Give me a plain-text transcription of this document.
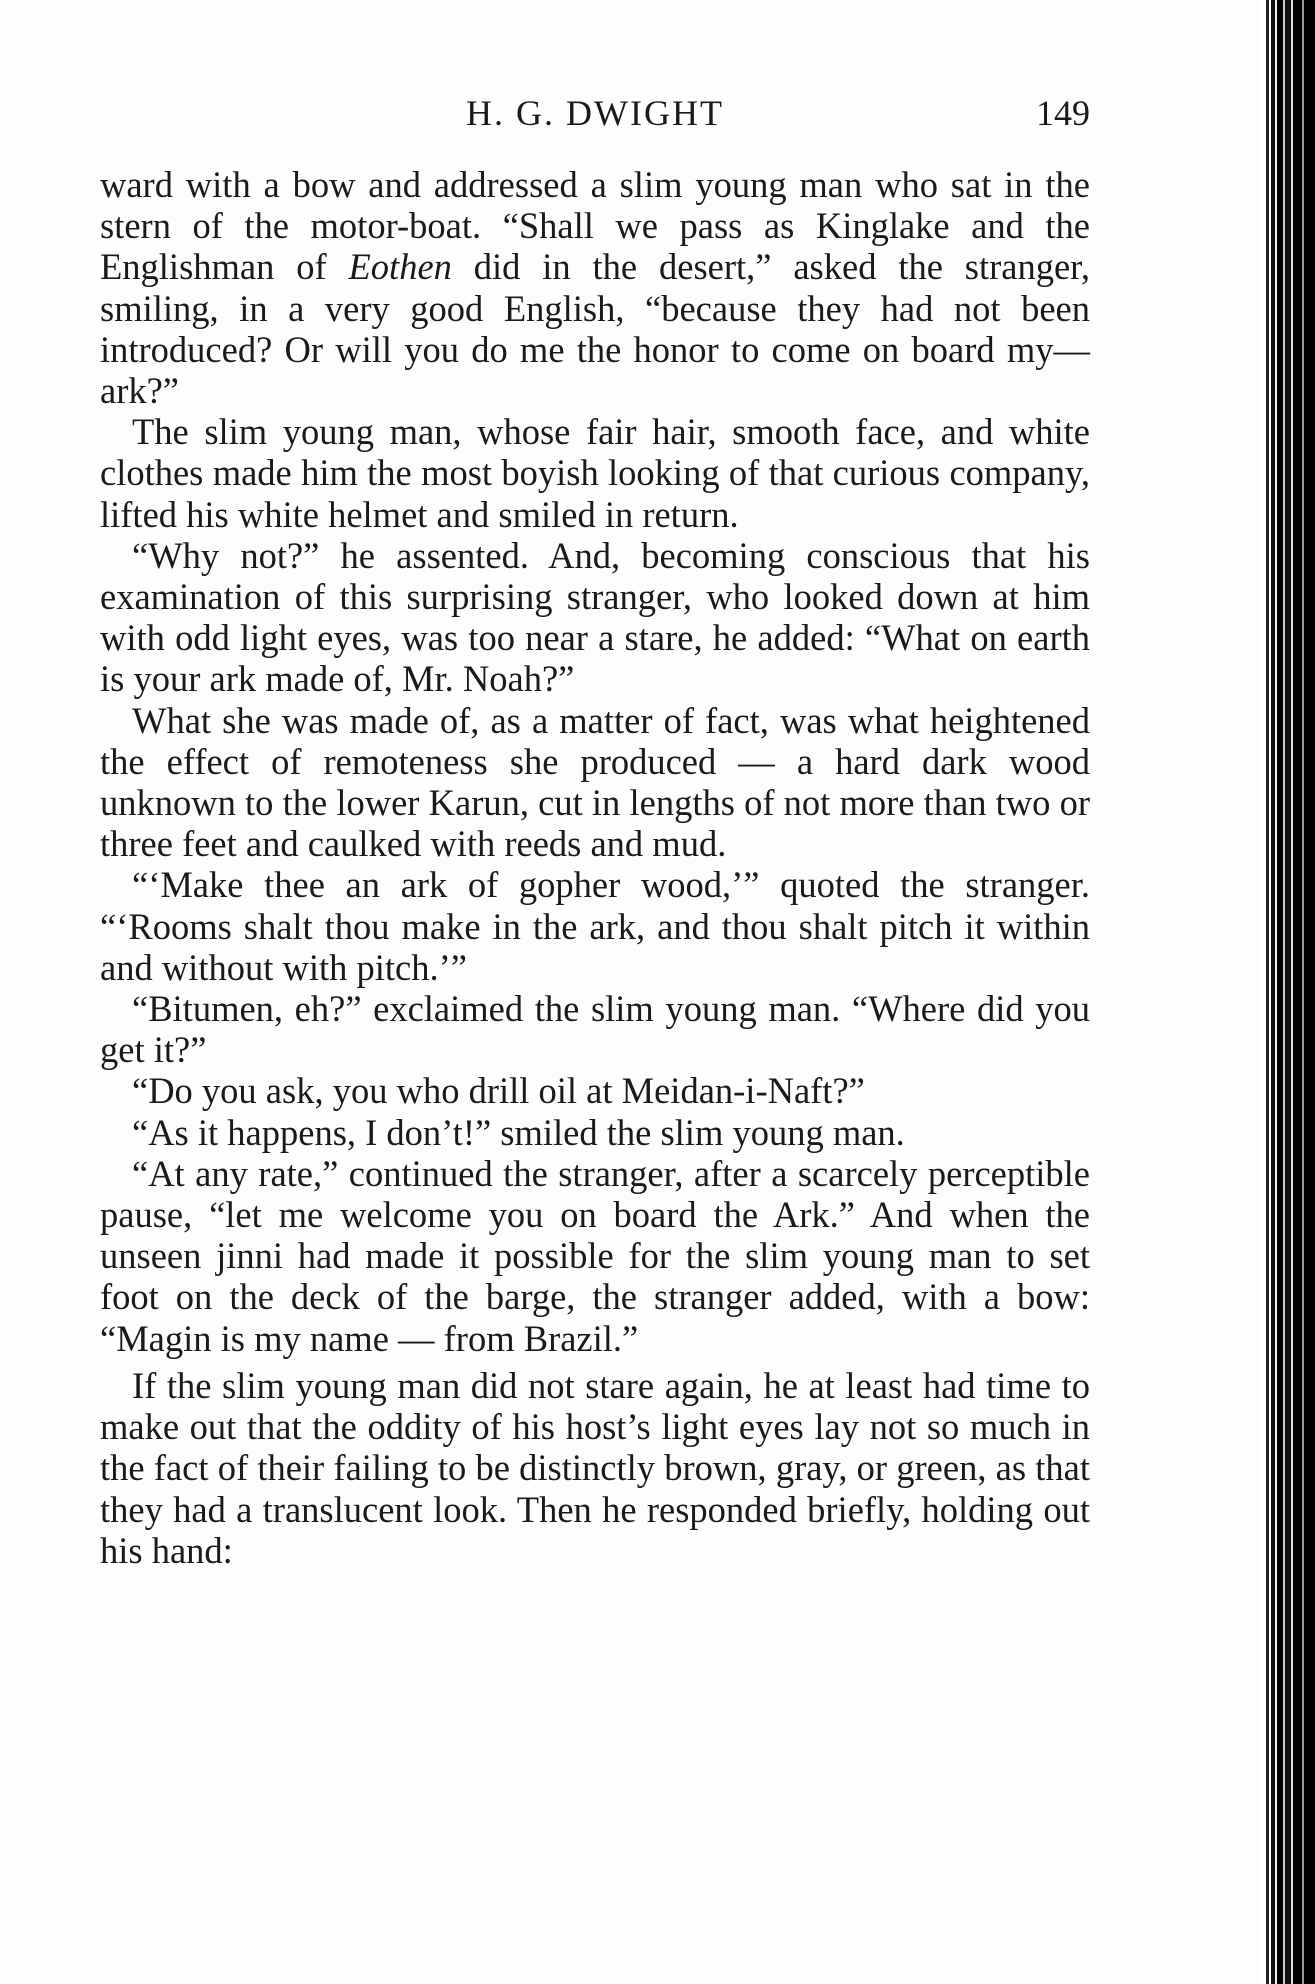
H. G. DWIGHT	149

ward with a bow and addressed a slim young man who sat in the stern of the motor-boat. “Shall we pass as Kinglake and the Englishman of Eothen did in the desert,” asked the stranger, smiling, in a very good English, “because they had not been introduced? Or will you do me the honor to come on board my—ark?”

The slim young man, whose fair hair, smooth face, and white clothes made him the most boyish looking of that curious company, lifted his white helmet and smiled in return.

“Why not?” he assented. And, becoming conscious that his examination of this surprising stranger, who looked down at him with odd light eyes, was too near a stare, he added: “What on earth is your ark made of, Mr. Noah?”

What she was made of, as a matter of fact, was what heightened the effect of remoteness she produced — a hard dark wood unknown to the lower Karun, cut in lengths of not more than two or three feet and caulked with reeds and mud.

“‘Make thee an ark of gopher wood,’” quoted the stranger. “‘Rooms shalt thou make in the ark, and thou shalt pitch it within and without with pitch.’”

“Bitumen, eh?” exclaimed the slim young man. “Where did you get it?”

“Do you ask, you who drill oil at Meidan-i-Naft?”

“As it happens, I don’t!” smiled the slim young man.

“At any rate,” continued the stranger, after a scarcely perceptible pause, “let me welcome you on board the Ark.” And when the unseen jinni had made it possible for the slim young man to set foot on the deck of the barge, the stranger added, with a bow: “Magin is my name — from Brazil.”

If the slim young man did not stare again, he at least had time to make out that the oddity of his host’s light eyes lay not so much in the fact of their failing to be distinctly brown, gray, or green, as that they had a translucent look. Then he responded briefly, holding out his hand:
